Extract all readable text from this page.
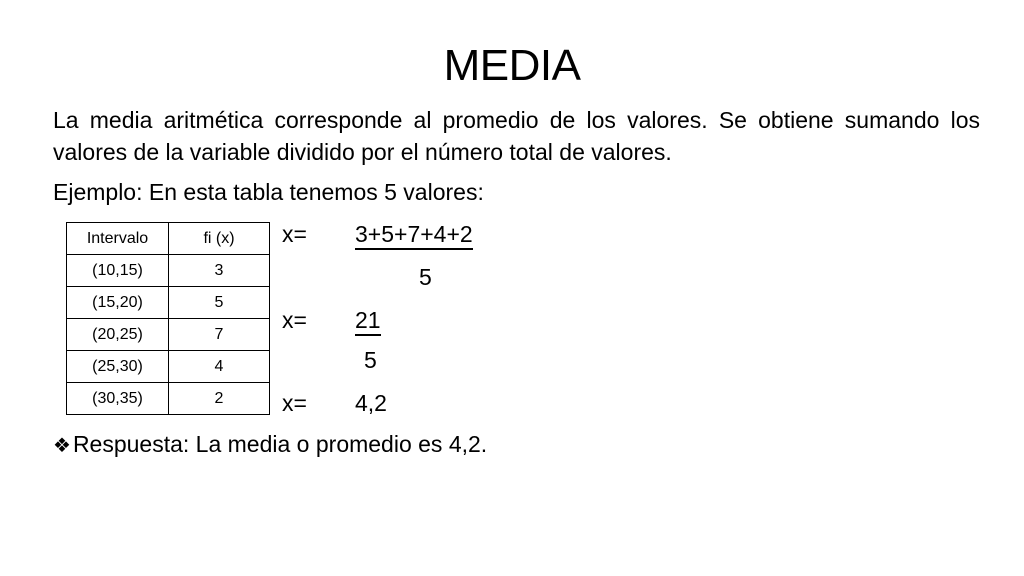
MEDIA
La media aritmética corresponde al promedio de los valores. Se obtiene sumando los valores de la variable dividido por el número total de valores.
Ejemplo: En esta tabla tenemos 5 valores:
Intervalo	fi (x)
(10,15)	3
(15,20)	5
(20,25)	7
(25,30)	4
(30,35)	2
x= 3+5+7+4+2
5
x= 21
5
x= 4,2
❖Respuesta: La media o promedio es 4,2.
